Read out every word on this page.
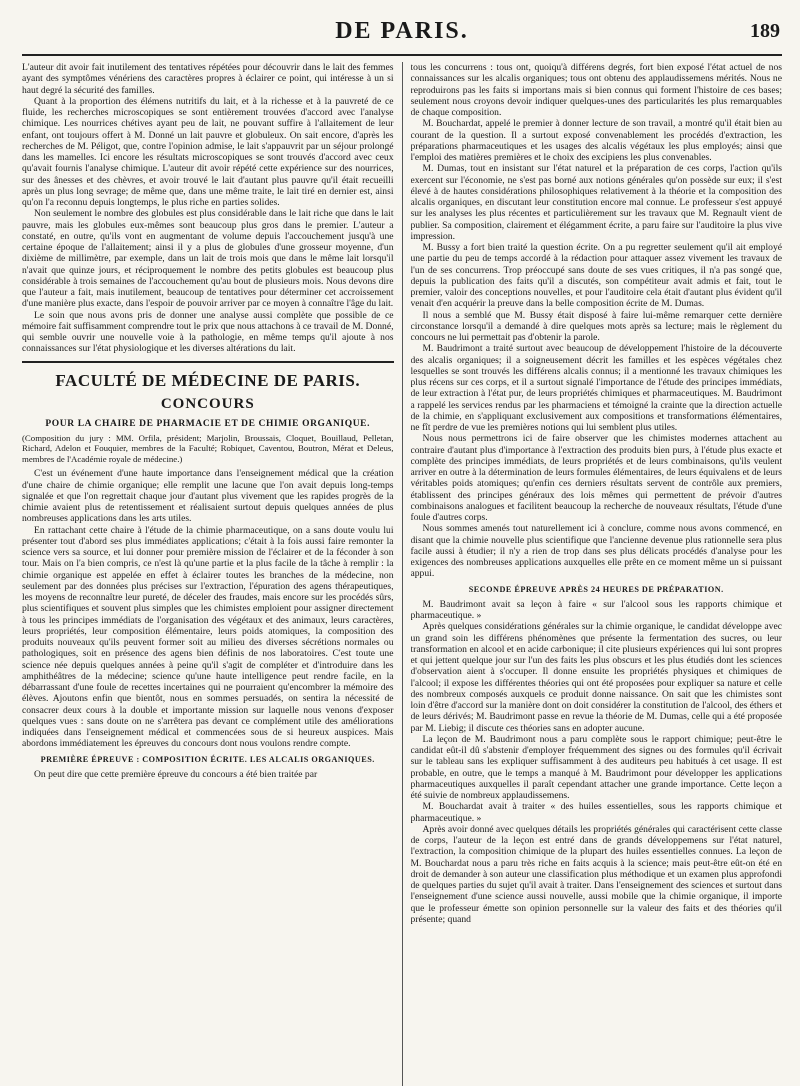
DE PARIS.	189

L'auteur dit avoir fait inutilement des tentatives répétées pour découvrir dans le lait des femmes ayant des symptômes vénériens des caractères propres à éclairer ce point, qui intéresse à un si haut degré la sécurité des familles.

Quant à la proportion des élémens nutritifs du lait, et à la richesse et à la pauvreté de ce fluide, les recherches microscopiques se sont entièrement trouvées d'accord avec l'analyse chimique. Les nourrices chétives ayant peu de lait, ne pouvant suffire à l'allaitement de leur enfant, ont toujours offert à M. Donné un lait pauvre et globuleux. On sait encore, d'après les recherches de M. Péligot, que, contre l'opinion admise, le lait s'appauvrit par un séjour prolongé dans les mamelles. Ici encore les résultats microscopiques se sont trouvés d'accord avec ceux qu'avait fournis l'analyse chimique. L'auteur dit avoir répété cette expérience sur des nourrices, sur des ânesses et des chèvres, et avoir trouvé le lait d'autant plus pauvre qu'il était recueilli après un plus long sevrage; de même que, dans une même traite, le lait tiré en dernier est, ainsi qu'on l'a reconnu depuis longtemps, le plus riche en parties solides.

Non seulement le nombre des globules est plus considérable dans le lait riche que dans le lait pauvre, mais les globules eux-mêmes sont beaucoup plus gros dans le premier. L'auteur a constaté, en outre, qu'ils vont en augmentant de volume depuis l'accouchement jusqu'à une certaine époque de l'allaitement; ainsi il y a plus de globules d'une grosseur moyenne, d'un dixième de millimètre, par exemple, dans un lait de trois mois que dans le même lait lorsqu'il n'avait que quinze jours, et réciproquement le nombre des petits globules est beaucoup plus considérable à trois semaines de l'accouchement qu'au bout de plusieurs mois. Nous devons dire que l'auteur a fait, mais inutilement, beaucoup de tentatives pour déterminer cet accroissement d'une manière plus exacte, dans l'espoir de pouvoir arriver par ce moyen à connaître l'âge du lait.

Le soin que nous avons pris de donner une analyse aussi complète que possible de ce mémoire fait suffisamment comprendre tout le prix que nous attachons à ce travail de M. Donné, qui semble ouvrir une nouvelle voie à la pathologie, en même temps qu'il ajoute à nos connaissances sur l'état physiologique et les diverses altérations du lait.

FACULTÉ DE MÉDECINE DE PARIS.
CONCOURS
POUR LA CHAIRE DE PHARMACIE ET DE CHIMIE ORGANIQUE.
(Composition du jury : MM. Orfila, président; Marjolin, Broussais, Cloquet, Bouillaud, Pelletan, Richard, Adelon et Fouquier, membres de la Faculté; Robiquet, Caventou, Boutron, Mérat et Deleus, membres de l'Académie royale de médecine.)

C'est un événement d'une haute importance dans l'enseignement médical que la création d'une chaire de chimie organique; elle remplit une lacune que l'on avait depuis long-temps signalée et que l'on regrettait chaque jour d'autant plus vivement que les rapides progrès de la chimie avaient plus de retentissement et réalisaient surtout depuis quelques années de plus nombreuses applications dans les arts utiles.

En rattachant cette chaire à l'étude de la chimie pharmaceutique, on a sans doute voulu lui présenter tout d'abord ses plus immédiates applications; c'était à la fois aussi faire remonter la science vers sa source, et lui donner pour première mission de l'éclairer et de la féconder à son tour. Mais on l'a bien compris, ce n'est là qu'une partie et la plus facile de la tâche à remplir : la chimie organique est appelée en effet à éclairer toutes les branches de la médecine, non seulement par des données plus précises sur l'extraction, l'épuration des agens thérapeutiques, les moyens de reconnaître leur pureté, de déceler des fraudes, mais encore sur les procédés sûrs, plus scientifiques et souvent plus simples que les chimistes emploient pour assigner directement à tous les principes immédiats de l'organisation des végétaux et des animaux, leurs caractères, leurs propriétés, leur composition élémentaire, leurs poids atomiques, la composition des produits nouveaux qu'ils peuvent former soit au milieu des diverses sécrétions normales ou pathologiques, soit en présence des agens bien définis de nos laboratoires. C'est toute une science née depuis quelques années à peine qu'il s'agit de compléter et d'introduire dans les amphithéâtres de la médecine; science qu'une haute intelligence peut rendre facile, en la débarrassant d'une foule de recettes incertaines qui ne pourraient qu'encombrer la mémoire des élèves. Ajoutons enfin que bientôt, nous en sommes persuadés, on sentira la nécessité de consacrer deux cours à la double et importante mission sur laquelle nous venons d'exposer quelques vues : sans doute on ne s'arrêtera pas devant ce complément utile des améliorations indiquées dans l'enseignement médical et commencées sous de si heureux auspices. Mais abordons immédiatement les épreuves du concours dont nous voulons rendre compte.

PREMIÈRE ÉPREUVE : COMPOSITION ÉCRITE. LES ALCALIS ORGANIQUES.

On peut dire que cette première épreuve du concours a été bien traitée par

tous les concurrens : tous ont, quoiqu'à différens degrés, fort bien exposé l'état actuel de nos connaissances sur les alcalis organiques; tous ont obtenu des applaudissemens mérités. Nous ne reproduirons pas les faits si importans mais si bien connus qui forment l'histoire de ces bases; seulement nous croyons devoir indiquer quelques-unes des particularités les plus remarquables de chaque composition.

M. Bouchardat, appelé le premier à donner lecture de son travail, a montré qu'il était bien au courant de la question. Il a surtout exposé convenablement les procédés d'extraction, les préparations pharmaceutiques et les usages des alcalis végétaux les plus employés; ainsi que l'emploi des matières premières et le choix des excipiens les plus convenables.

M. Dumas, tout en insistant sur l'état naturel et la préparation de ces corps, l'action qu'ils exercent sur l'économie, ne s'est pas borné aux notions générales qu'on possède sur eux; il s'est élevé à de hautes considérations philosophiques relativement à la théorie et la composition des alcalis organiques, en discutant leur constitution encore mal connue. Le professeur s'est appuyé sur les analyses les plus récentes et particulièrement sur les travaux que M. Regnault vient de publier. Sa composition, clairement et élégamment écrite, a paru faire sur l'auditoire la plus vive impression.

M. Bussy a fort bien traité la question écrite. On a pu regretter seulement qu'il ait employé une partie du peu de temps accordé à la rédaction pour attaquer assez vivement les travaux de l'un de ses concurrens. Trop préoccupé sans doute de ses vues critiques, il n'a pas songé que, depuis la publication des faits qu'il a discutés, son compétiteur avait admis et fait, tout le premier, valoir des conceptions nouvelles, et pour l'auditoire cela était d'autant plus évident qu'il venait d'en acquérir la preuve dans la belle composition écrite de M. Dumas.

Il nous a semblé que M. Bussy était disposé à faire lui-même remarquer cette dernière circonstance lorsqu'il a demandé à dire quelques mots après sa lecture; mais le règlement du concours ne lui permettait pas d'obtenir la parole.

M. Baudrimont a traité surtout avec beaucoup de développement l'histoire de la découverte des alcalis organiques; il a soigneusement décrit les familles et les espèces végétales chez lesquelles se sont trouvés les différens alcalis connus; il a mentionné les travaux chimiques les plus récens sur ces corps, et il a surtout signalé l'importance de l'étude des principes immédiats, de leur extraction à l'état pur, de leurs propriétés chimiques et pharmaceutiques. M. Baudrimont a rappelé les services rendus par les pharmaciens et témoigné la crainte que la direction actuelle de la chimie, en s'appliquant exclusivement aux compositions et transformations élémentaires, ne fît perdre de vue les premières notions qui lui semblent plus utiles.

Nous nous permettrons ici de faire observer que les chimistes modernes attachent au contraire d'autant plus d'importance à l'extraction des produits bien purs, à l'étude plus exacte et complète des principes immédiats, de leurs propriétés et de leurs combinaisons, qu'ils veulent arriver en outre à la détermination de leurs formules élémentaires, de leurs équivalens et de leurs véritables poids atomiques; qu'enfin ces derniers résultats servent de contrôle aux premiers, établissent des principes généraux des lois mêmes qui permettent de prévoir d'autres combinaisons analogues et facilitent beaucoup la recherche de nouveaux résultats, l'étude d'une foule d'autres corps.

Nous sommes amenés tout naturellement ici à conclure, comme nous avons commencé, en disant que la chimie nouvelle plus scientifique que l'ancienne devenue plus rationnelle sera plus facile aussi à étudier; il n'y a rien de trop dans ses plus délicats procédés d'analyse pour les exigences des nombreuses applications auxquelles elle prête en ce moment même un si puissant appui.

SECONDE ÉPREUVE APRÈS 24 HEURES DE PRÉPARATION.

M. Baudrimont avait sa leçon à faire « sur l'alcool sous les rapports chimique et pharmaceutique. »

Après quelques considérations générales sur la chimie organique, le candidat développe avec un grand soin les différens phénomènes que présente la fermentation des sucres, ou leur transformation en alcool et en acide carbonique; il cite plusieurs expériences qui lui sont propres et qui jettent quelque jour sur l'un des faits les plus obscurs et les plus étudiés dont les sciences d'observation aient à s'occuper. Il donne ensuite les propriétés physiques et chimiques de l'alcool; il expose les différentes théories qui ont été proposées pour expliquer sa nature et celle des nombreux composés auxquels ce produit donne naissance. On sait que les chimistes sont loin d'être d'accord sur la manière dont on doit considérer la constitution de l'alcool, des éthers et de leurs dérivés; M. Baudrimont passe en revue la théorie de M. Dumas, celle qui a été proposée par M. Liebig; il discute ces théories sans en adopter aucune.

La leçon de M. Baudrimont nous a paru complète sous le rapport chimique; peut-être le candidat eût-il dû s'abstenir d'employer fréquemment des signes ou des formules qu'il écrivait sur le tableau sans les expliquer suffisamment à des auditeurs peu habitués à cet usage. Il est probable, en outre, que le temps a manqué à M. Baudrimont pour développer les applications pharmaceutiques auxquelles il paraît cependant attacher une grande importance. Cette leçon a été suivie de nombreux applaudissemens.

M. Bouchardat avait à traiter « des huiles essentielles, sous les rapports chimique et pharmaceutique. »

Après avoir donné avec quelques détails les propriétés générales qui caractérisent cette classe de corps, l'auteur de la leçon est entré dans de grands développemens sur l'état naturel, l'extraction, la composition chimique de la plupart des huiles essentielles connues. La leçon de M. Bouchardat nous a paru très riche en faits acquis à la science; mais peut-être eût-on été en droit de demander à son auteur une classification plus méthodique et un examen plus approfondi de quelques parties du sujet qu'il avait à traiter. Dans l'enseignement des sciences et surtout dans l'enseignement d'une science aussi nouvelle, aussi mobile que la chimie organique, il importe que le professeur émette son opinion personnelle sur la valeur des faits et des théories qu'il présente; quand
